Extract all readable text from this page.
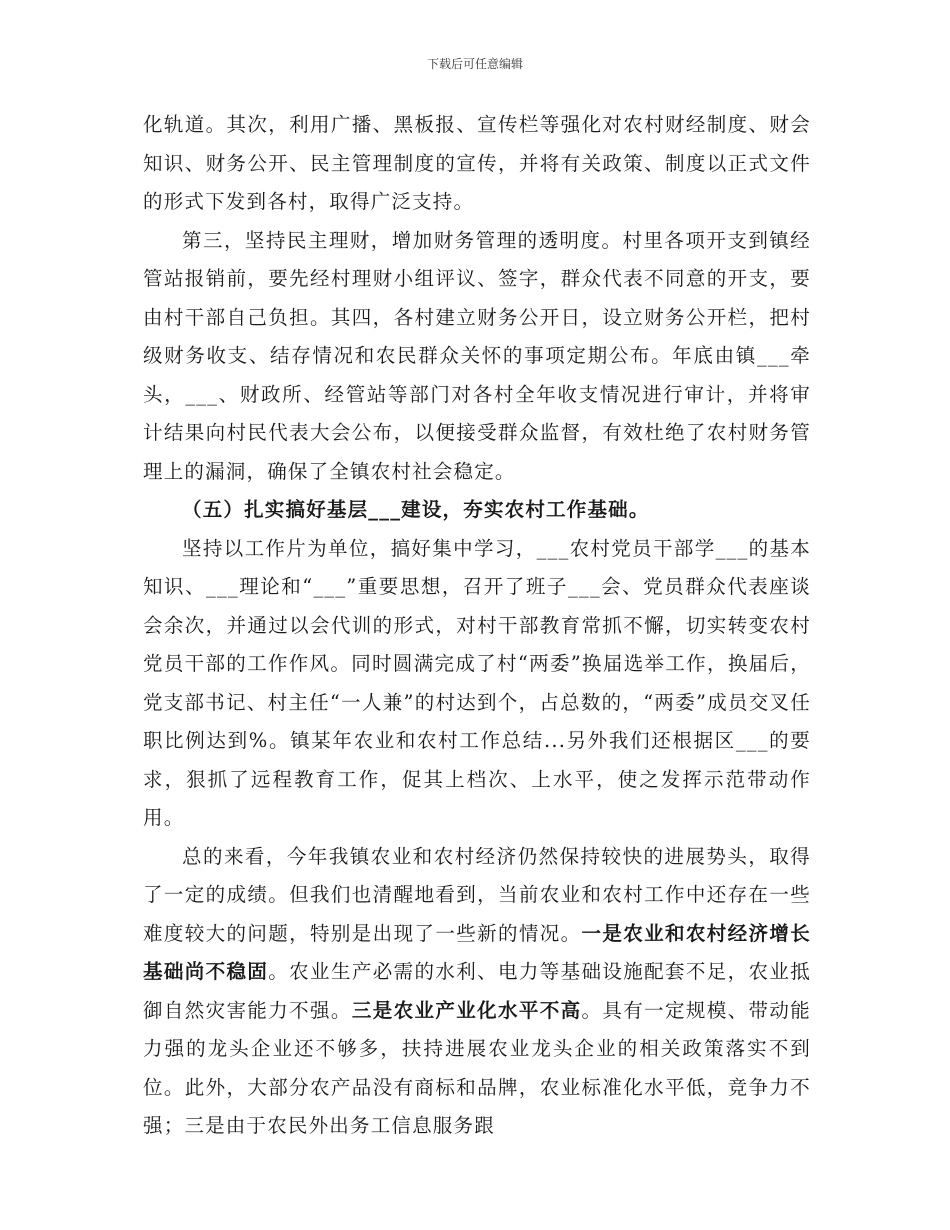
下载后可任意编辑

化轨道。其次，利用广播、黑板报、宣传栏等强化对农村财经制度、财会知识、财务公开、民主管理制度的宣传，并将有关政策、制度以正式文件的形式下发到各村，取得广泛支持。

第三，坚持民主理财，增加财务管理的透明度。村里各项开支到镇经管站报销前，要先经村理财小组评议、签字，群众代表不同意的开支，要由村干部自己负担。其四，各村建立财务公开日，设立财务公开栏，把村级财务收支、结存情况和农民群众关怀的事项定期公布。年底由镇___牵头，___、财政所、经管站等部门对各村全年收支情况进行审计，并将审计结果向村民代表大会公布，以便接受群众监督，有效杜绝了农村财务管理上的漏洞，确保了全镇农村社会稳定。

（五）扎实搞好基层___建设，夯实农村工作基础。

坚持以工作片为单位，搞好集中学习，___农村党员干部学___的基本知识、___理论和“___”重要思想，召开了班子___会、党员群众代表座谈会余次，并通过以会代训的形式，对村干部教育常抓不懈，切实转变农村党员干部的工作作风。同时圆满完成了村“两委”换届选举工作，换届后，党支部书记、村主任“一人兼”的村达到个，占总数的，“两委”成员交叉任职比例达到%。镇某年农业和农村工作总结...另外我们还根据区___的要求，狠抓了远程教育工作，促其上档次、上水平，使之发挥示范带动作用。

总的来看，今年我镇农业和农村经济仍然保持较快的进展势头，取得了一定的成绩。但我们也清醒地看到，当前农业和农村工作中还存在一些难度较大的问题，特别是出现了一些新的情况。一是农业和农村经济增长基础尚不稳固。农业生产必需的水利、电力等基础设施配套不足，农业抵御自然灾害能力不强。三是农业产业化水平不高。具有一定规模、带动能力强的龙头企业还不够多，扶持进展农业龙头企业的相关政策落实不到位。此外，大部分农产品没有商标和品牌，农业标准化水平低，竞争力不强；三是由于农民外出务工信息服务跟
